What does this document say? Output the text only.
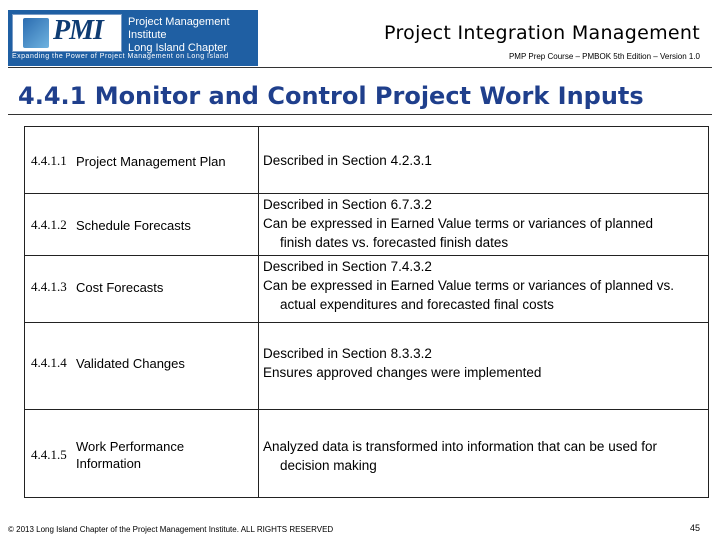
PMI Project Management Institute
Long Island Chapter
Expanding the Power of Project Management on Long Island
Project Integration Management
PMP Prep Course – PMBOK 5th Edition – Version 1.0
4.4.1 Monitor and Control Project Work Inputs
4.4.1.1 Project Management Plan	Described in Section 4.2.3.1
4.4.1.2 Schedule Forecasts
Described in Section 6.7.3.2
Can be expressed in Earned Value terms or variances of planned
finish dates vs. forecasted finish dates
4.4.1.3 Cost Forecasts
Described in Section 7.4.3.2
Can be expressed in Earned Value terms or variances of planned vs.
actual expenditures and forecasted final costs
4.4.1.4 Validated Changes
Described in Section 8.3.3.2
Ensures approved changes were implemented
4.4.1.5
Work Performance
Information
Analyzed data is transformed into information that can be used for
decision making
© 2013 Long Island Chapter of the Project Management Institute. ALL RIGHTS RESERVED	45
